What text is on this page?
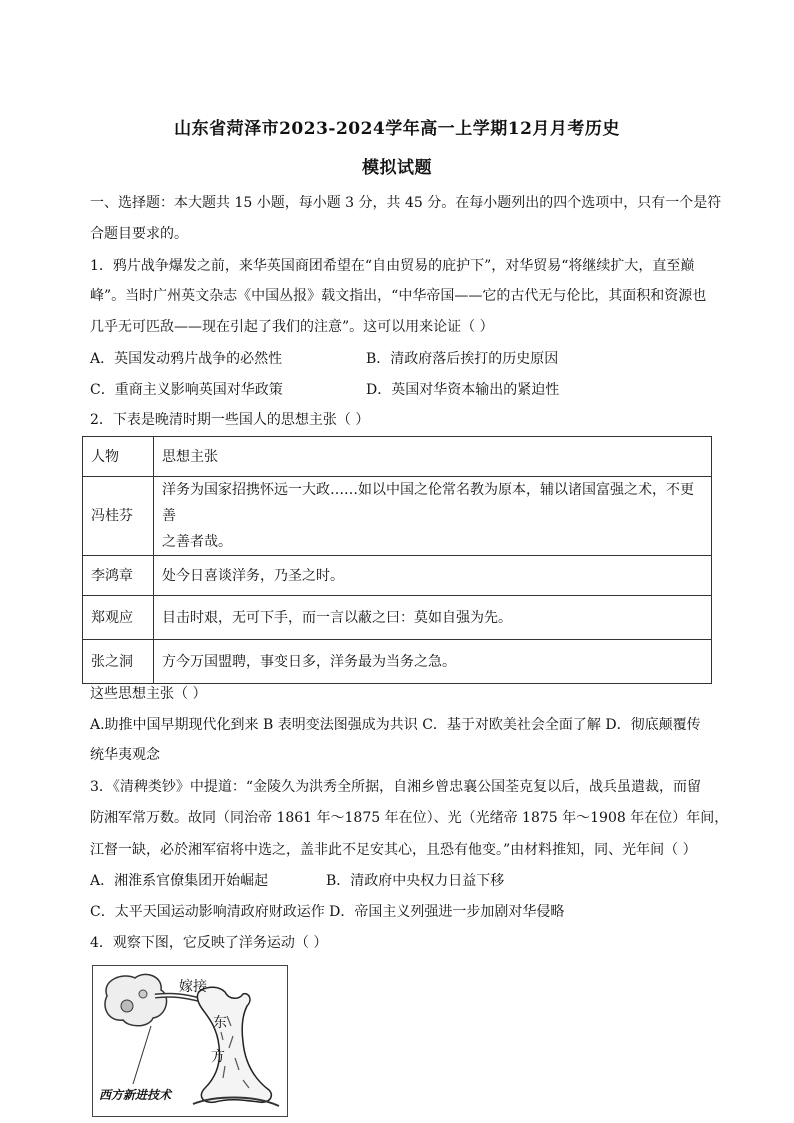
山东省菏泽市2023-2024学年高一上学期12月月考历史
模拟试题
一、选择题：本大题共 15 小题，每小题 3 分，共 45 分。在每小题列出的四个选项中，只有一个是符
合题目要求的。
1．鸦片战争爆发之前，来华英国商团希望在“自由贸易的庇护下”，对华贸易“将继续扩大，直至巅
峰”。当时广州英文杂志《中国丛报》载文指出，“中华帝国——它的古代无与伦比，其面积和资源也
几乎无可匹敌——现在引起了我们的注意”。这可以用来论证（ ）
A．英国发动鸦片战争的必然性	B．清政府落后挨打的历史原因
C．重商主义影响英国对华政策	D．英国对华资本输出的紧迫性
2．下表是晚清时期一些国人的思想主张（ ）
人物	思想主张
冯桂芬	洋务为国家招携怀远一大政……如以中国之伦常名教为原本，辅以诸国富强之术，不更善
之善者哉。

李鸿章	处今日喜谈洋务，乃圣之时。
郑观应	目击时艰，无可下手，而一言以蔽之曰：莫如自强为先。
张之洞	方今万国盟聘，事变日多，洋务最为当务之急。
这些思想主张（ ）
A.助推中国早期现代化到来 B 表明变法图强成为共识 C．基于对欧美社会全面了解 D．彻底颠覆传
统华夷观念
3．《清稗类钞》中提道：“金陵久为洪秀全所据，自湘乡曾忠襄公国荃克复以后，战兵虽遣裁，而留
防湘军常万数。故同（同治帝 1861 年～1875 年在位）、光（光绪帝 1875 年～1908 年在位）年间，
江督一缺，必於湘军宿将中选之，盖非此不足安其心，且恐有他变。”由材料推知，同、光年间（ ）
A．湘淮系官僚集团开始崛起	B．清政府中央权力日益下移
C．太平天国运动影响清政府财政运作 D．帝国主义列强进一步加剧对华侵略
4．观察下图，它反映了洋务运动（ ）
嫁接
东
方
西方新进技术
